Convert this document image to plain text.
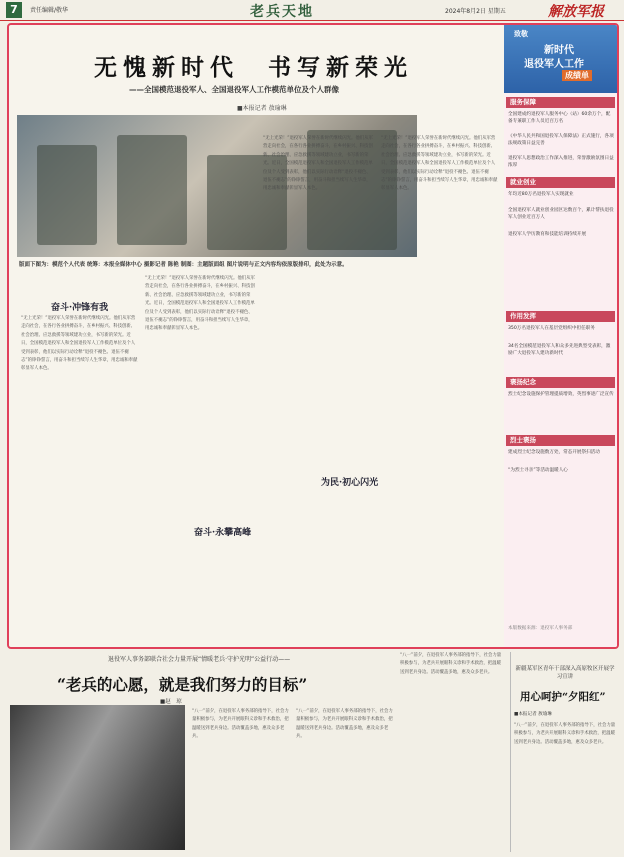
7	责任编辑/敬华	老兵天地	2024年8月2日 星期五	解放军报
无愧新时代　书写新荣光
——全国模范退役军人、全国退役军人工作模范单位及个人群像
■本报记者 敖瑜琳
版面下图为：模范个人代表 统筹：本报全媒体中心 摄影记者 陈艳 制图：主题版面组 图片说明与正文内容均依原版排印，此处为示意。
奋斗·冲锋有我
“无上光荣！”退役军人荣誉在新时代继续闪光。他们从军营走向社会，在各行各业拼搏奋斗，在乡村振兴、科技创新、社会治理、应急救援等领域建功立业，书写新的荣光。近日，全国模范退役军人和全国退役军人工作模范单位及个人受到表彰，他们以实际行动诠释“退役不褪色、退伍不褪志”的铮铮誓言，用奋斗和担当续写人生华章，用忠诚和奉献彰显军人本色。
“无上光荣！”退役军人荣誉在新时代继续闪光。他们从军营走向社会，在各行各业拼搏奋斗，在乡村振兴、科技创新、社会治理、应急救援等领域建功立业，书写新的荣光。近日，全国模范退役军人和全国退役军人工作模范单位及个人受到表彰，他们以实际行动诠释“退役不褪色、退伍不褪志”的铮铮誓言，用奋斗和担当续写人生华章，用忠诚和奉献彰显军人本色。
奋斗·永攀高峰
“无上光荣！”退役军人荣誉在新时代继续闪光。他们从军营走向社会，在各行各业拼搏奋斗，在乡村振兴、科技创新、社会治理、应急救援等领域建功立业，书写新的荣光。近日，全国模范退役军人和全国退役军人工作模范单位及个人受到表彰，他们以实际行动诠释“退役不褪色、退伍不褪志”的铮铮誓言，用奋斗和担当续写人生华章，用忠诚和奉献彰显军人本色。
为民·初心闪光
“无上光荣！”退役军人荣誉在新时代继续闪光。他们从军营走向社会，在各行各业拼搏奋斗，在乡村振兴、科技创新、社会治理、应急救援等领域建功立业，书写新的荣光。近日，全国模范退役军人和全国退役军人工作模范单位及个人受到表彰，他们以实际行动诠释“退役不褪色、退伍不褪志”的铮铮誓言，用奋斗和担当续写人生华章，用忠诚和奉献彰显军人本色。
致敬
新时代
退役军人工作
成绩单
服务保障
全国建成约退役军人服务中心（站）60余万个，配备专兼职工作人员近百万名
《中华人民共和国退役军人保障法》正式施行，各项法规政策日益完善
退役军人思想政治工作深入推进，荣誉激励氛围日益浓厚
就业创业
年均近80万名退役军人实现就业
全国退役军人就业创业园区达数百个，累计帮扶退役军人创业近百万人
退役军人学历教育和技能培训持续开展
作用发挥
350万名退役军人在基层党组织中担任职务
34名全国模范退役军人和众多先进典型受表彰，激励广大退役军人建功新时代
褒扬纪念
烈士纪念设施保护管理提质增效，英烈事迹广泛宣传
烈士褒扬
建成烈士纪念设施数万处，常态开展祭扫活动
“为烈士寻亲”等活动温暖人心
本版数据来源：退役军人事务部
退役军人事务部联合社会力量开展“情暖老兵·守护光明”公益行动——
“老兵的心愿，就是我们努力的目标”
■赵　琼
“八一”前夕，在退役军人事务部的指导下，社会力量积极参与，为老兵开展眼科义诊和手术救治，把温暖送到老兵身边。活动覆盖多地，惠及众多老兵。
“八一”前夕，在退役军人事务部的指导下，社会力量积极参与，为老兵开展眼科义诊和手术救治，把温暖送到老兵身边。活动覆盖多地，惠及众多老兵。
“八一”前夕，在退役军人事务部的指导下，社会力量积极参与，为老兵开展眼科义诊和手术救治，把温暖送到老兵身边。活动覆盖多地，惠及众多老兵。
新疆某军区青年干部深入高原牧区开展学习宣讲
用心呵护“夕阳红”
■本报记者 敖瑜琳
“八一”前夕，在退役军人事务部的指导下，社会力量积极参与，为老兵开展眼科义诊和手术救治，把温暖送到老兵身边。活动覆盖多地，惠及众多老兵。
